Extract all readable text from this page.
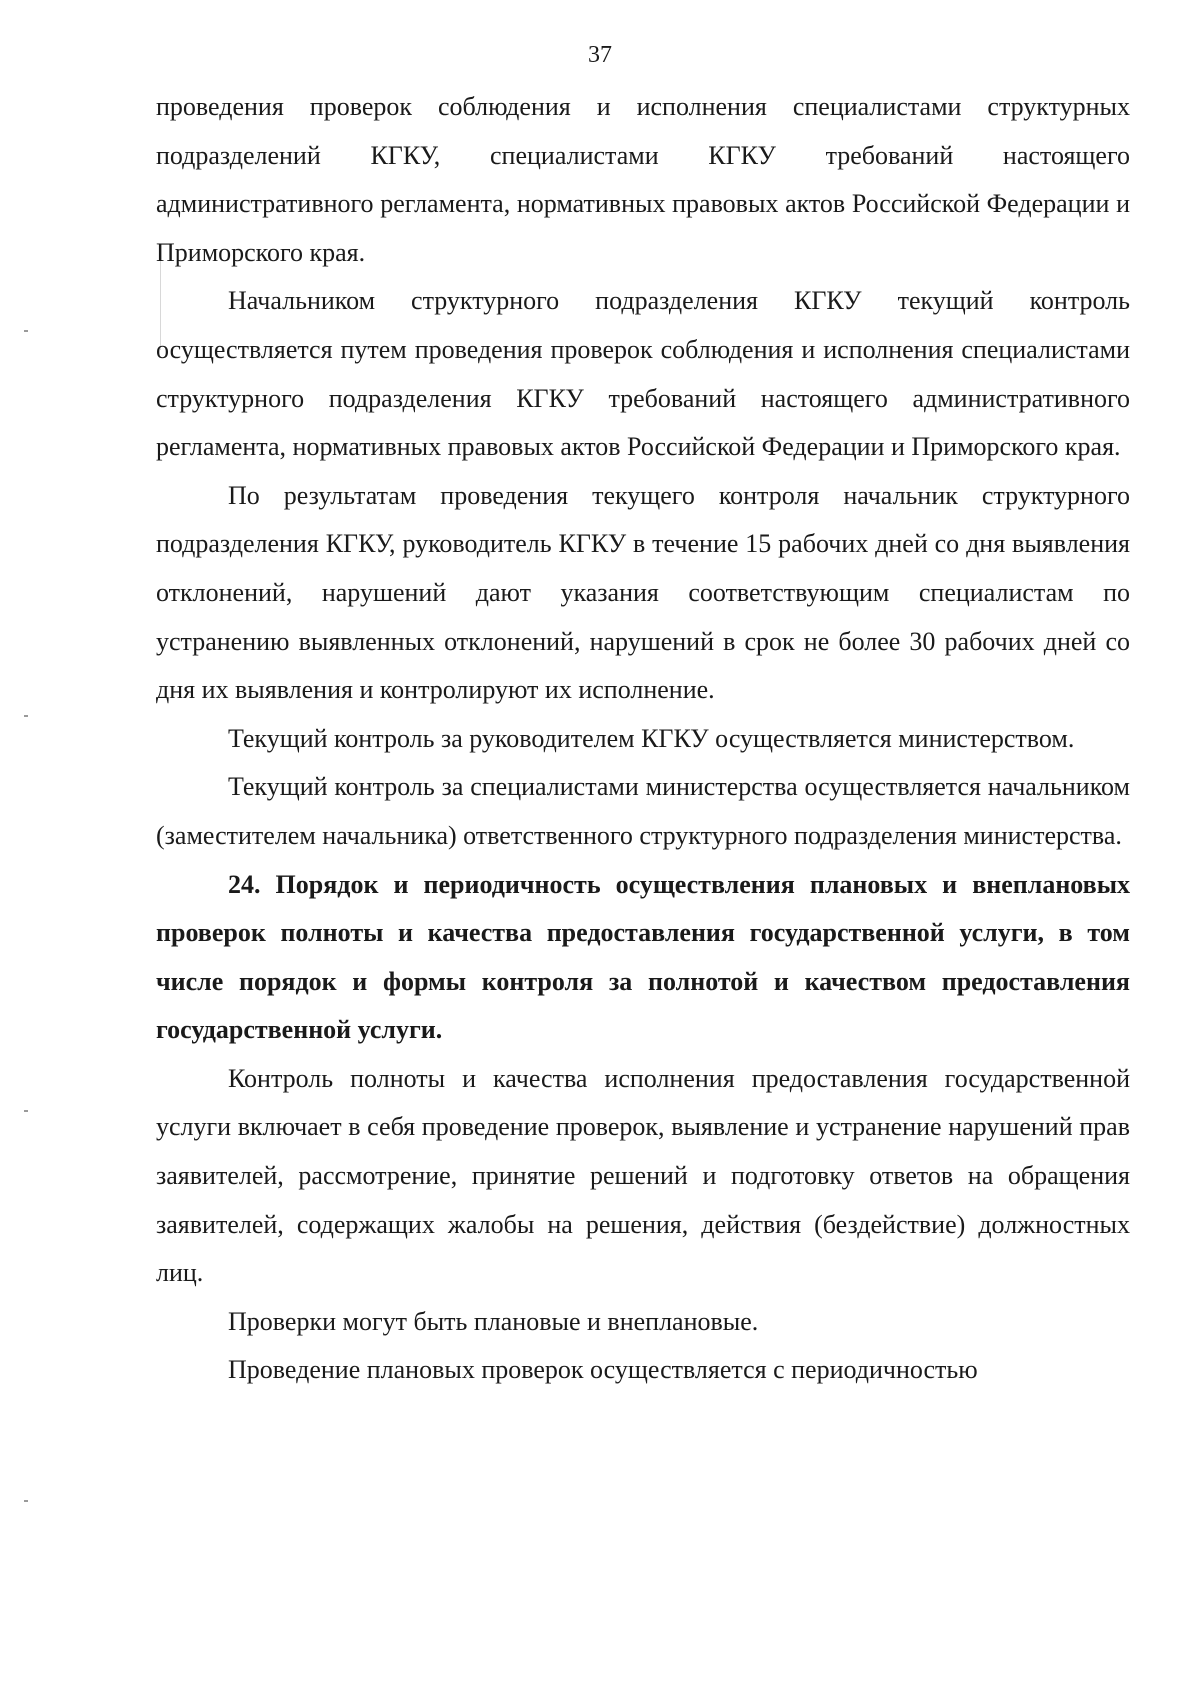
37

проведения проверок соблюдения и исполнения специалистами структурных подразделений КГКУ, специалистами КГКУ требований настоящего административного регламента, нормативных правовых актов Российской Федерации и Приморского края.

Начальником структурного подразделения КГКУ текущий контроль осуществляется путем проведения проверок соблюдения и исполнения специалистами структурного подразделения КГКУ требований настоящего административного регламента, нормативных правовых актов Российской Федерации и Приморского края.

По результатам проведения текущего контроля начальник структурного подразделения КГКУ, руководитель КГКУ в течение 15 рабочих дней со дня выявления отклонений, нарушений дают указания соответствующим специалистам по устранению выявленных отклонений, нарушений в срок не более 30 рабочих дней со дня их выявления и контролируют их исполнение.

Текущий контроль за руководителем КГКУ осуществляется министерством.

Текущий контроль за специалистами министерства осуществляется начальником (заместителем начальника) ответственного структурного подразделения министерства.

24. Порядок и периодичность осуществления плановых и внеплановых проверок полноты и качества предоставления государственной услуги, в том числе порядок и формы контроля за полнотой и качеством предоставления государственной услуги.

Контроль полноты и качества исполнения предоставления государственной услуги включает в себя проведение проверок, выявление и устранение нарушений прав заявителей, рассмотрение, принятие решений и подготовку ответов на обращения заявителей, содержащих жалобы на решения, действия (бездействие) должностных лиц.

Проверки могут быть плановые и внеплановые.

Проведение плановых проверок осуществляется с периодичностью
